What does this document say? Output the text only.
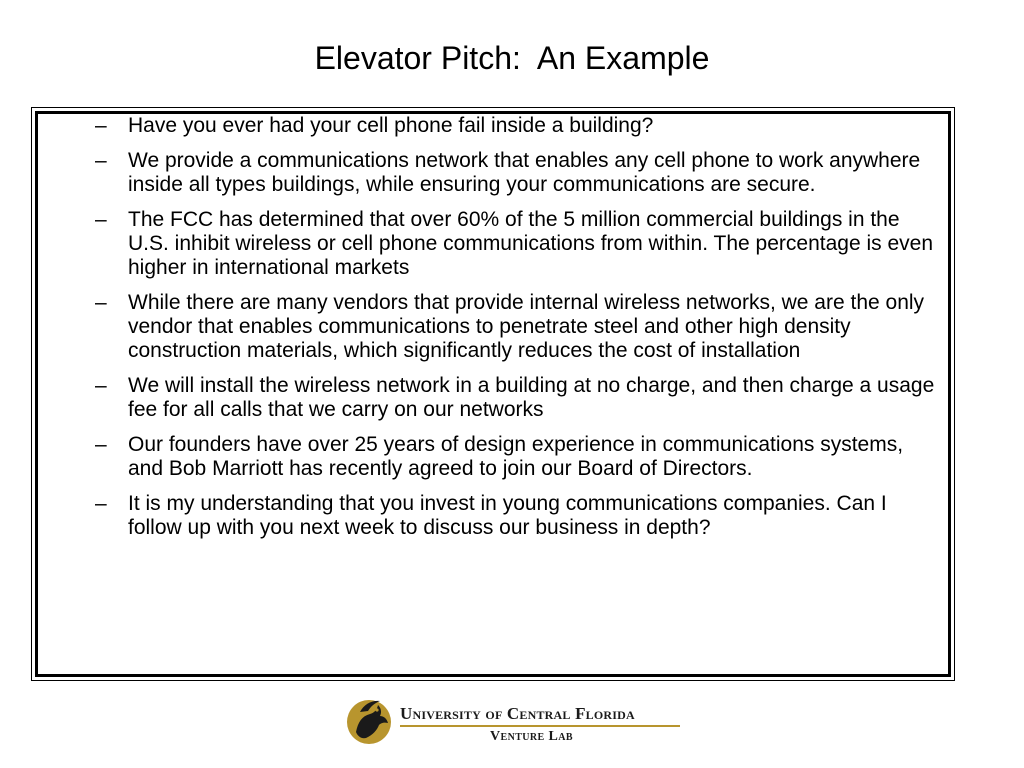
Elevator Pitch:  An Example
– Have you ever had your cell phone fail inside a building?
– We provide a communications network that enables any cell phone to work anywhere inside all types buildings, while ensuring your communications are secure.
– The FCC has determined that over 60% of the 5 million commercial buildings in the U.S. inhibit wireless or cell phone communications from within. The percentage is even higher in international markets
– While there are many vendors that provide internal wireless networks, we are the only vendor that enables communications to penetrate steel and other high density construction materials, which significantly reduces the cost of installation
– We will install the wireless network in a building at no charge, and then charge a usage fee for all calls that we carry on our networks
– Our founders have over 25 years of design experience in communications systems, and Bob Marriott has recently agreed to join our Board of Directors.
– It is my understanding that you invest in young communications companies. Can I follow up with you next week to discuss our business in depth?
University of Central Florida
Venture Lab
